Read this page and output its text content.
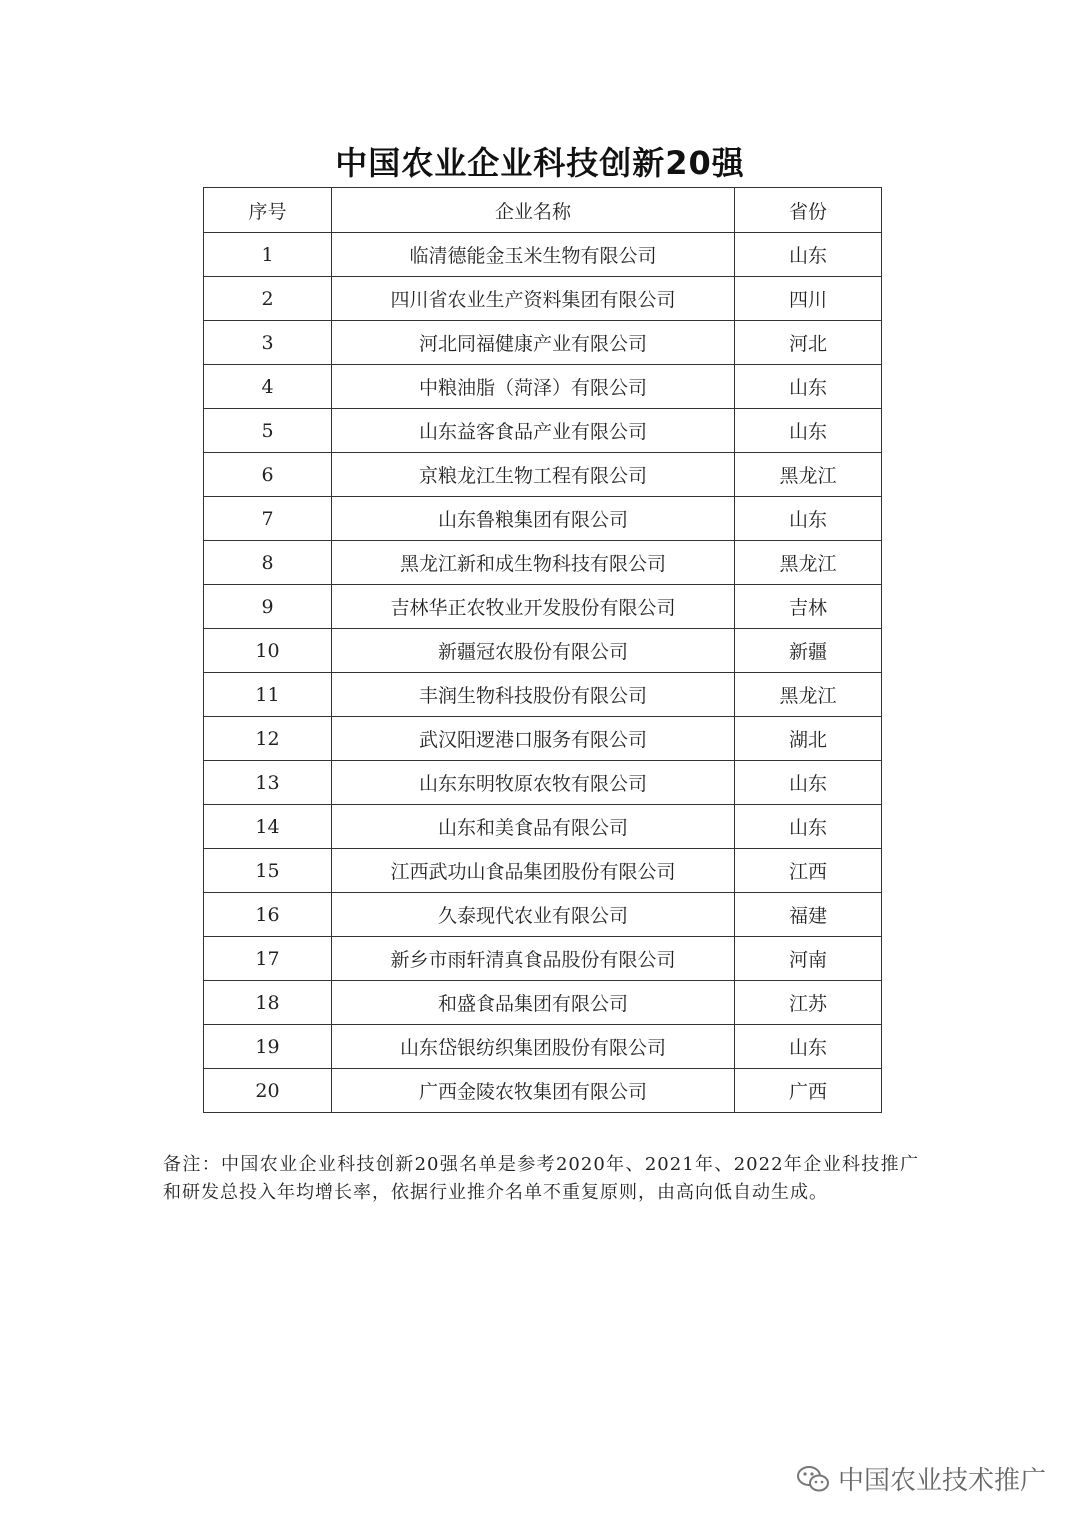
中国农业企业科技创新20强
序号	企业名称	省份
1	临清德能金玉米生物有限公司	山东
2	四川省农业生产资料集团有限公司	四川
3	河北同福健康产业有限公司	河北
4	中粮油脂（菏泽）有限公司	山东
5	山东益客食品产业有限公司	山东
6	京粮龙江生物工程有限公司	黑龙江
7	山东鲁粮集团有限公司	山东
8	黑龙江新和成生物科技有限公司	黑龙江
9	吉林华正农牧业开发股份有限公司	吉林
10	新疆冠农股份有限公司	新疆
11	丰润生物科技股份有限公司	黑龙江
12	武汉阳逻港口服务有限公司	湖北
13	山东东明牧原农牧有限公司	山东
14	山东和美食品有限公司	山东
15	江西武功山食品集团股份有限公司	江西
16	久泰现代农业有限公司	福建
17	新乡市雨轩清真食品股份有限公司	河南
18	和盛食品集团有限公司	江苏
19	山东岱银纺织集团股份有限公司	山东
20	广西金陵农牧集团有限公司	广西
备注：中国农业企业科技创新20强名单是参考2020年、2021年、2022年企业科技推广和研发总投入年均增长率，依据行业推介名单不重复原则，由高向低自动生成。
中国农业技术推广
